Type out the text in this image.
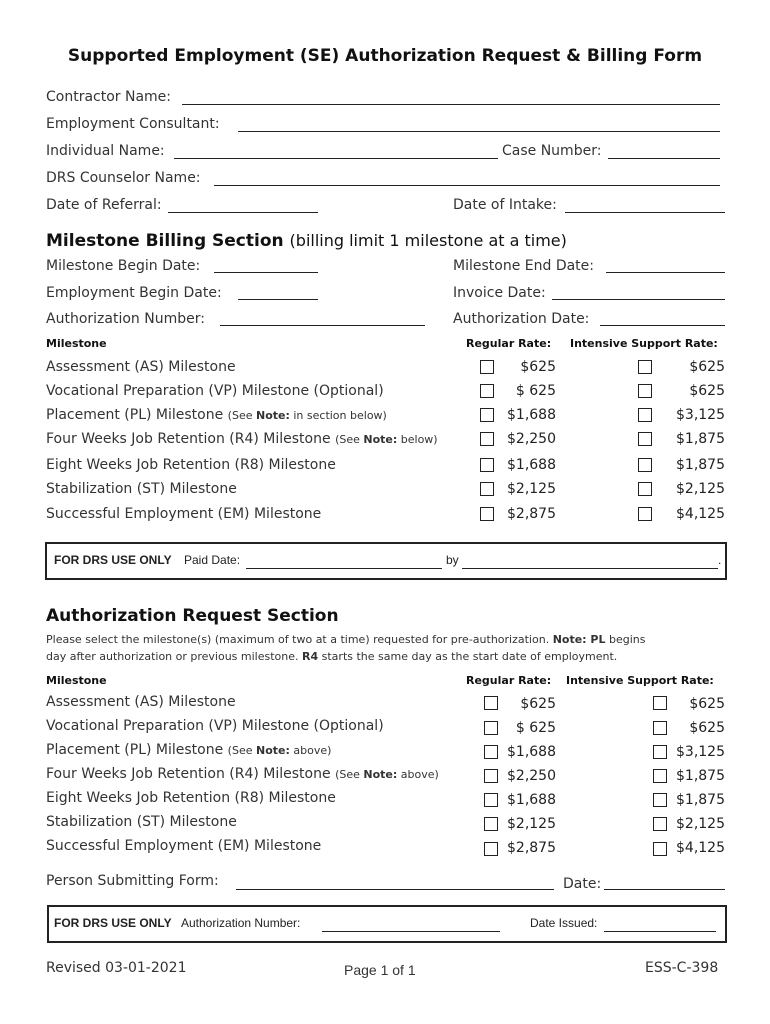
Supported Employment (SE) Authorization Request & Billing Form
Contractor Name:
Employment Consultant:
Individual Name:	Case Number:
DRS Counselor Name:
Date of Referral:	Date of Intake:
Milestone Billing Section (billing limit 1 milestone at a time)
Milestone Begin Date:	Milestone End Date:
Employment Begin Date:	Invoice Date:
Authorization Number:	Authorization Date:
Milestone	Regular Rate: Intensive Support Rate:
Assessment (AS) Milestone	$625	$625
Vocational Preparation (VP) Milestone (Optional)	$ 625	$625
Placement (PL) Milestone (See Note: in section below)	$1,688	$3,125
Four Weeks Job Retention (R4) Milestone (See Note: below)	$2,250	$1,875
Eight Weeks Job Retention (R8) Milestone	$1,688	$1,875
Stabilization (ST) Milestone	$2,125	$2,125
Successful Employment (EM) Milestone	$2,875	$4,125
FOR DRS USE ONLY Paid Date:	by	.
Authorization Request Section
Please select the milestone(s) (maximum of two at a time) requested for pre-authorization. Note: PL begins
day after authorization or previous milestone. R4 starts the same day as the start date of employment.
Milestone	Regular Rate: Intensive Support Rate:
Assessment (AS) Milestone	$625	$625
Vocational Preparation (VP) Milestone (Optional)	$ 625	$625
Placement (PL) Milestone (See Note: above)	$1,688	$3,125
Four Weeks Job Retention (R4) Milestone (See Note: above)	$2,250	$1,875
Eight Weeks Job Retention (R8) Milestone	$1,688	$1,875
Stabilization (ST) Milestone	$2,125	$2,125
Successful Employment (EM) Milestone	$2,875	$4,125
Person Submitting Form:	Date:
FOR DRS USE ONLY Authorization Number:	Date Issued:
Revised 03-01-2021	Page 1 of 1	ESS-C-398
